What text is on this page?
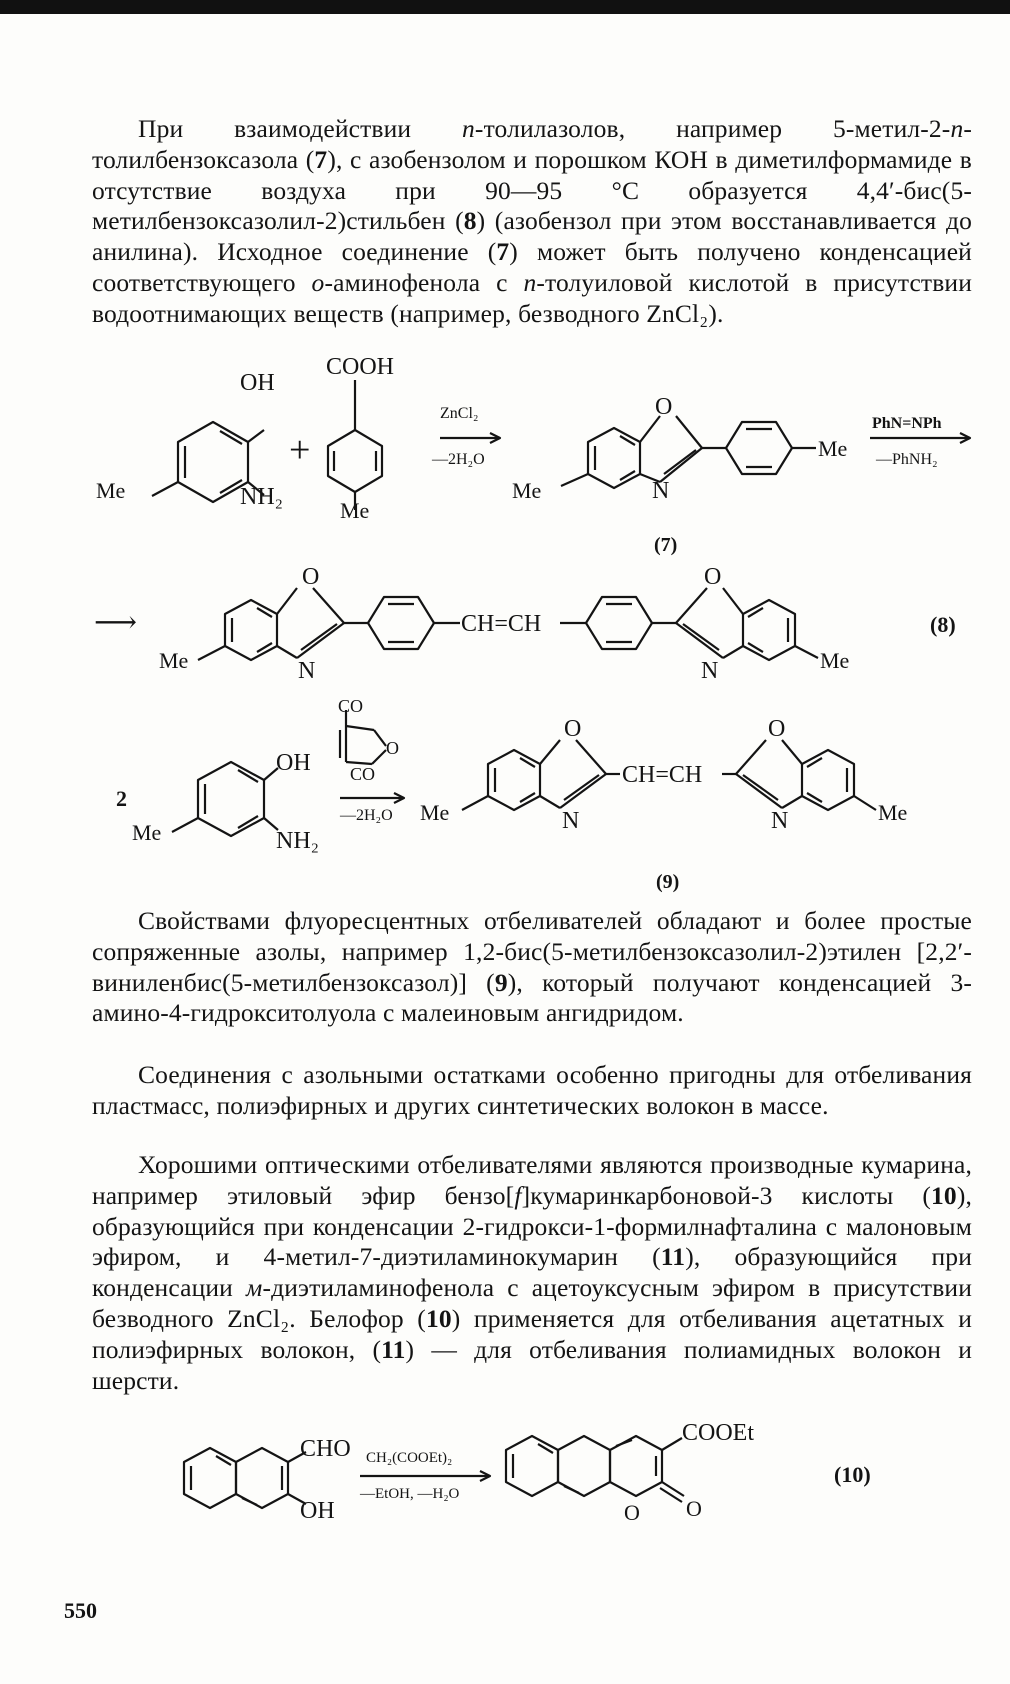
При взаимодействии п-толилазолов, например 5-метил-2-п-толилбензоксазола (7), с азобензолом и порошком КОН в диметилформамиде в отсутствие воздуха при 90—95 °C образуется 4,4′-бис(5-метилбензоксазолил-2)стильбен (8) (азобензол при этом восстанавливается до анилина). Исходное соединение (7) может быть получено конденсацией соответствующего о-аминофенола с п-толуиловой кислотой в присутствии водоотнимающих веществ (например, безводного ZnCl₂).

OH
NH₂
Me
+
COOH
Me
ZnCl₂
—2H₂O
O
N
Me
Me
PhN=NPh
—PhNH₂
(7)
⟶
O
N
Me
CH=CH
O
N	Me
(8)
2
OH
NH₂
Me
CO
O
CO
—2H₂O
O
N
Me
CH=CH
O
N	Me
(9)

Свойствами флуоресцентных отбеливателей обладают и более простые сопряженные азолы, например 1,2-бис(5-метилбензоксазолил-2)этилен [2,2′-виниленбис(5-метилбензоксазол)] (9), который получают конденсацией 3-амино-4-гидрокситолуола с малеиновым ангидридом.

Соединения с азольными остатками особенно пригодны для отбеливания пластмасс, полиэфирных и других синтетических волокон в массе.

Хорошими оптическими отбеливателями являются производные кумарина, например этиловый эфир бензо[f]кумаринкарбоновой-3 кислоты (10), образующийся при конденсации 2-гидрокси-1-формилнафталина с малоновым эфиром, и 4-метил-7-диэтиламинокумарин (11), образующийся при конденсации м-диэтиламинофенола с ацетоуксусным эфиром в присутствии безводного ZnCl₂. Белофор (10) применяется для отбеливания ацетатных и полиэфирных волокон, (11) — для отбеливания полиамидных волокон и шерсти.

CHO
OH
CH₂(COOEt)₂
—EtOH, —H₂O
COOEt
O O
(10)
550
